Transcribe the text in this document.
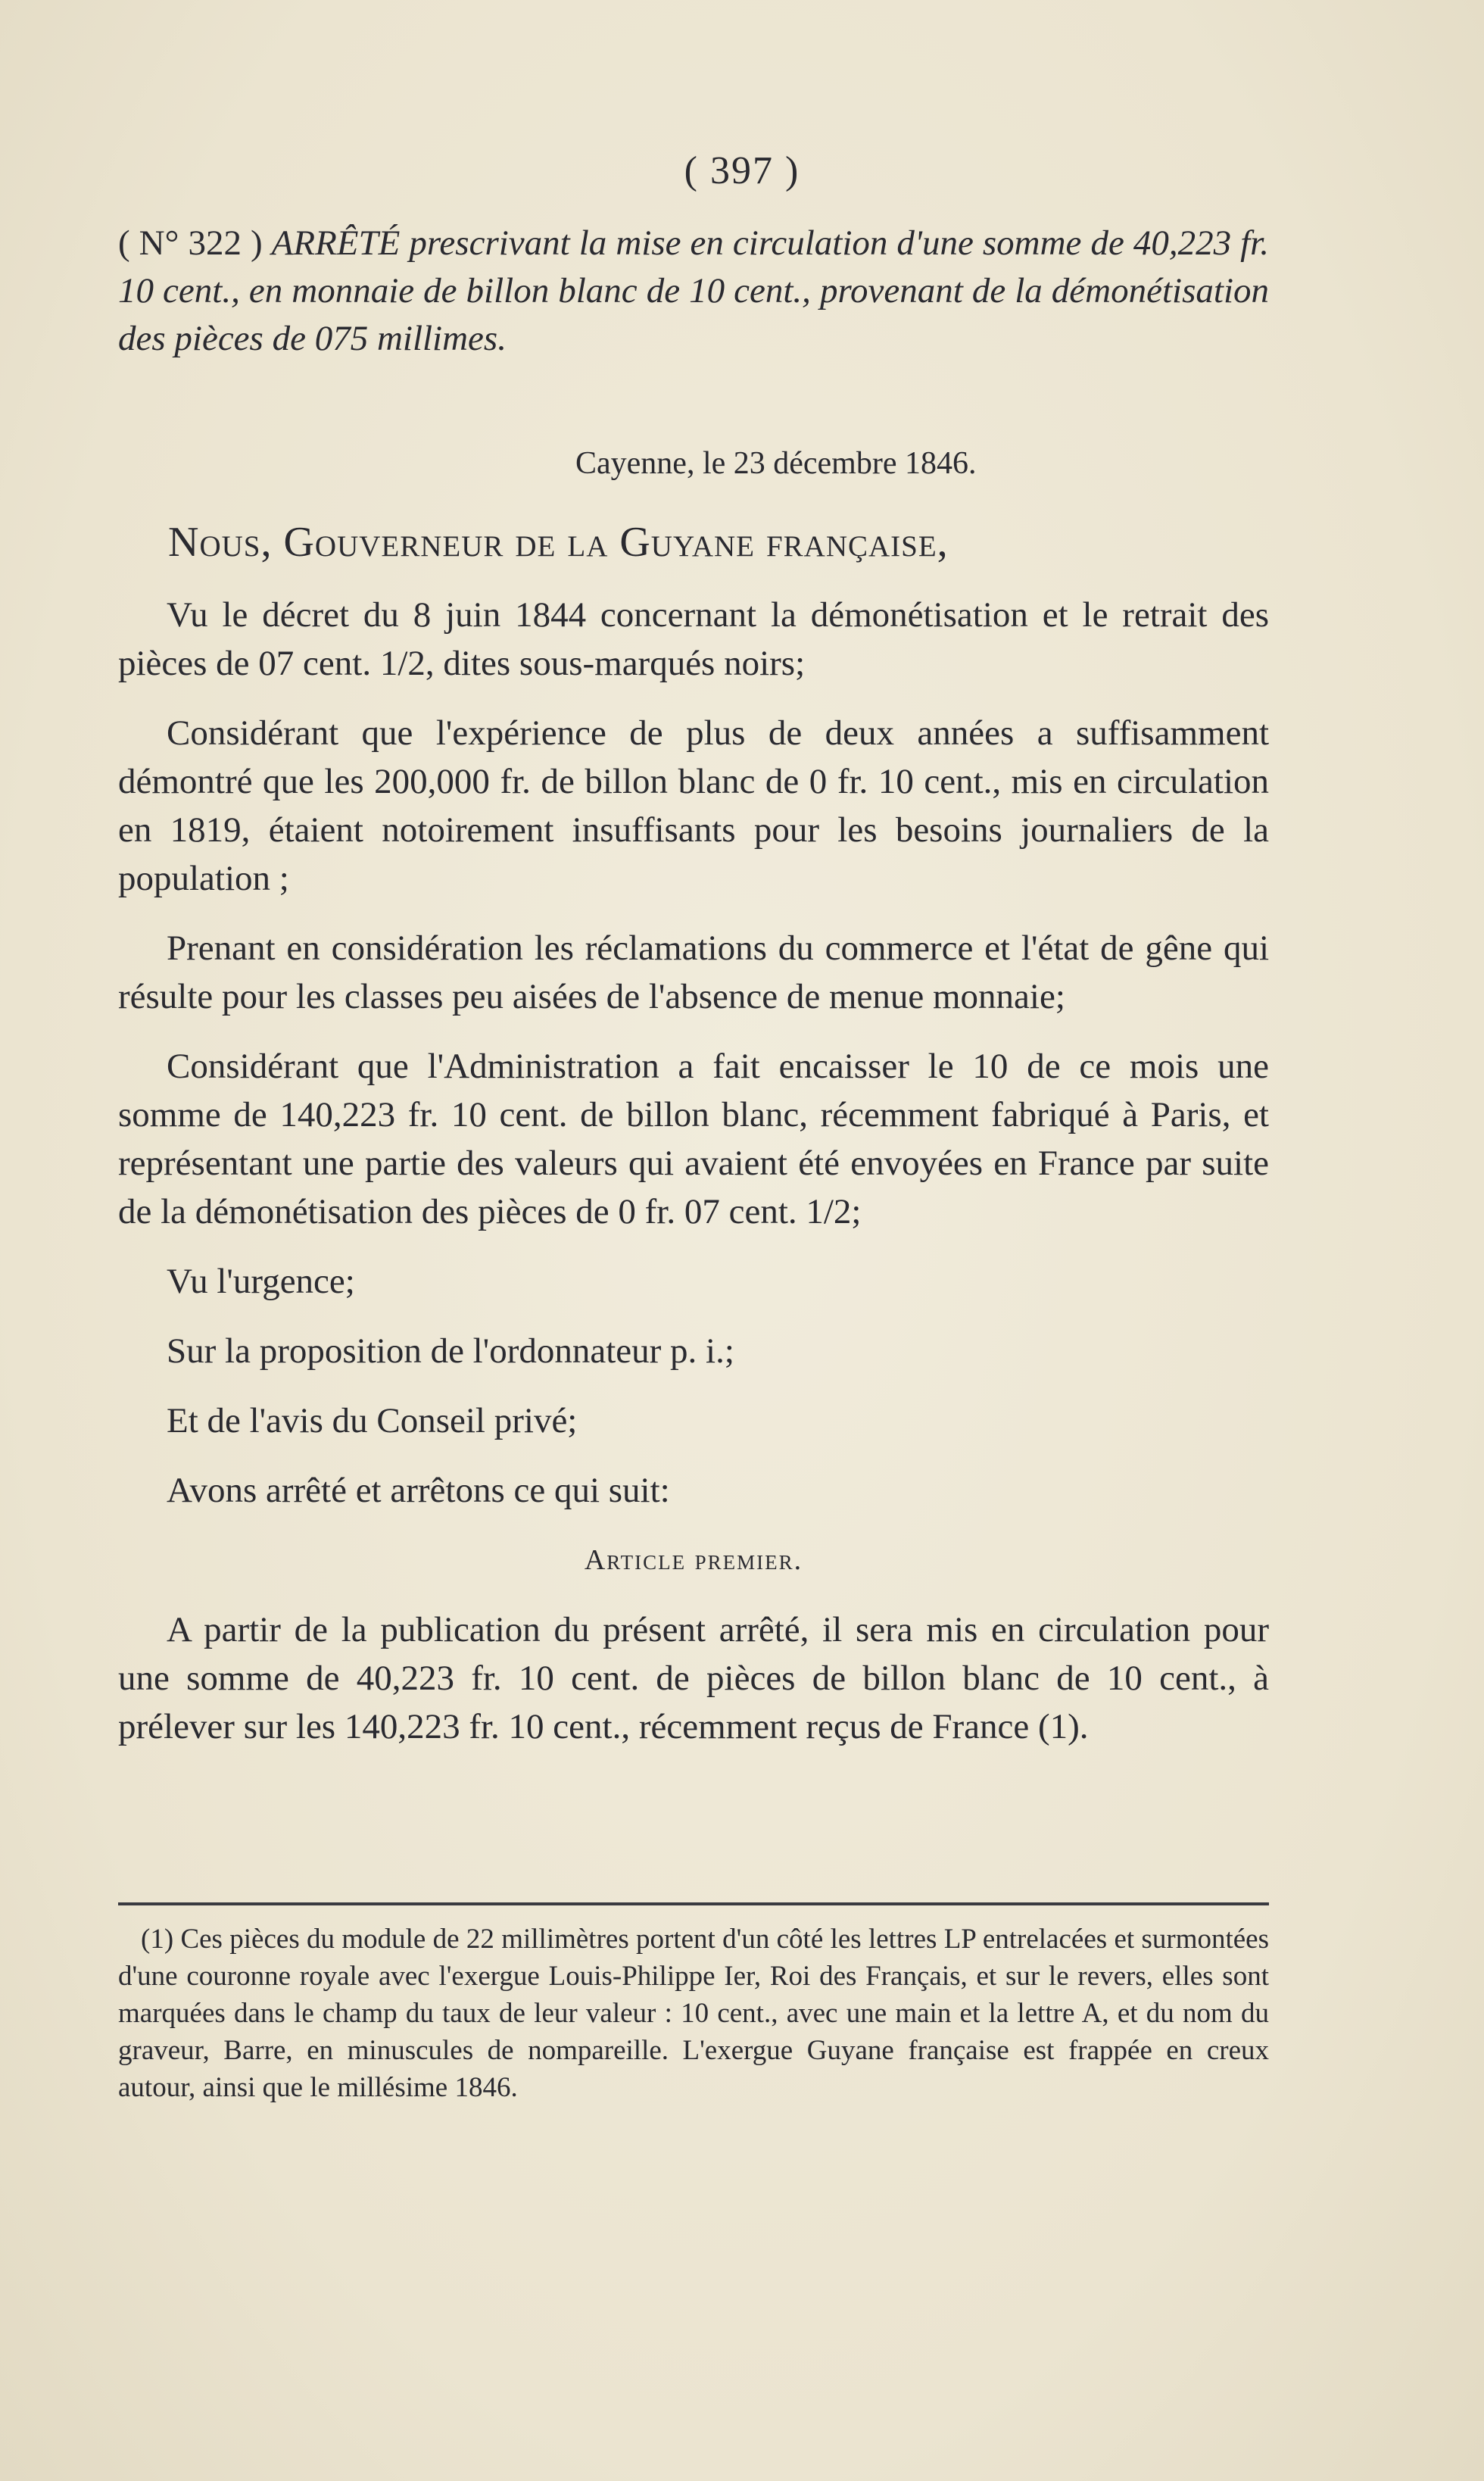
( 397 )
( N° 322 ) ARRÊTÉ prescrivant la mise en circulation d'une somme de 40,223 fr. 10 cent., en monnaie de billon blanc de 10 cent., provenant de la démonétisation des pièces de 075 millimes.
Cayenne, le 23 décembre 1846.
Nous, Gouverneur de la Guyane française,

Vu le décret du 8 juin 1844 concernant la démonétisation et le retrait des pièces de 07 cent. 1/2, dites sous-marqués noirs;

Considérant que l'expérience de plus de deux années a suffisamment démontré que les 200,000 fr. de billon blanc de 0 fr. 10 cent., mis en circulation en 1819, étaient notoirement insuffisants pour les besoins journaliers de la population ;

Prenant en considération les réclamations du commerce et l'état de gêne qui résulte pour les classes peu aisées de l'absence de menue monnaie;

Considérant que l'Administration a fait encaisser le 10 de ce mois une somme de 140,223 fr. 10 cent. de billon blanc, récemment fabriqué à Paris, et représentant une partie des valeurs qui avaient été envoyées en France par suite de la démonétisation des pièces de 0 fr. 07 cent. 1/2;

Vu l'urgence;

Sur la proposition de l'ordonnateur p. i.;

Et de l'avis du Conseil privé;

Avons arrêté et arrêtons ce qui suit:

Article premier.

A partir de la publication du présent arrêté, il sera mis en circulation pour une somme de 40,223 fr. 10 cent. de pièces de billon blanc de 10 cent., à prélever sur les 140,223 fr. 10 cent., récemment reçus de France (1).

(1) Ces pièces du module de 22 millimètres portent d'un côté les lettres LP entrelacées et surmontées d'une couronne royale avec l'exergue Louis-Philippe Ier, Roi des Français, et sur le revers, elles sont marquées dans le champ du taux de leur valeur : 10 cent., avec une main et la lettre A, et du nom du graveur, Barre, en minuscules de nompareille. L'exergue Guyane française est frappée en creux autour, ainsi que le millésime 1846.
